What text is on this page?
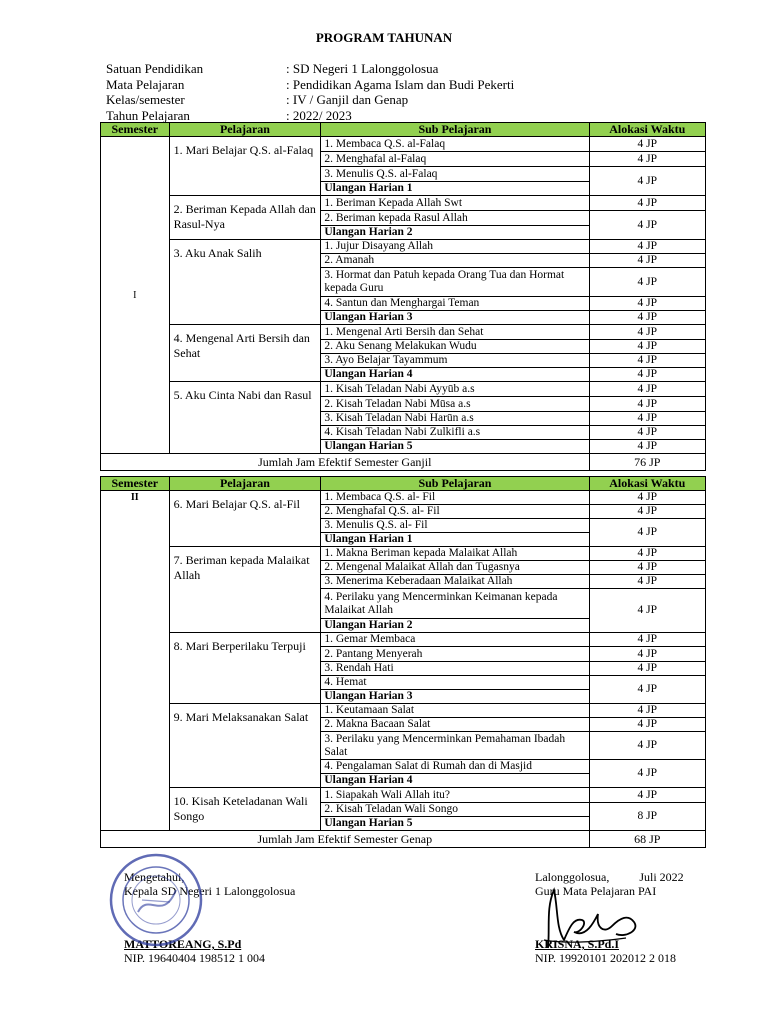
PROGRAM TAHUNAN
Satuan Pendidikan	: SD Negeri 1 Lalonggolosua
Mata Pelajaran	: Pendidikan Agama Islam dan Budi Pekerti
Kelas/semester	: IV / Ganjil dan Genap
Tahun Pelajaran	: 2022/ 2023
Semester	Pelajaran	Sub Pelajaran	Alokasi Waktu
I	1. Mari Belajar Q.S. al-Falaq	1. Membaca Q.S. al-Falaq	4 JP
		2. Menghafal al-Falaq	4 JP
		3. Menulis Q.S. al-Falaq	4 JP
		Ulangan Harian 1	
	2. Beriman Kepada Allah dan Rasul-Nya	1. Beriman Kepada Allah Swt	4 JP
		2. Beriman kepada Rasul Allah	4 JP
		Ulangan Harian 2	
	3. Aku Anak Salih	1. Jujur Disayang Allah	4 JP
		2. Amanah	4 JP
		3. Hormat dan Patuh kepada Orang Tua dan Hormat kepada Guru	4 JP
		4. Santun dan Menghargai Teman	4 JP
		Ulangan Harian 3	4 JP
	4. Mengenal Arti Bersih dan Sehat	1. Mengenal Arti Bersih dan Sehat	4 JP
		2. Aku Senang Melakukan Wudu	4 JP
		3. Ayo Belajar Tayammum	4 JP
		Ulangan Harian 4	4 JP
	5. Aku Cinta Nabi dan Rasul	1. Kisah Teladan Nabi Ayyūb a.s	4 JP
		2. Kisah Teladan Nabi Mūsa a.s	4 JP
		3. Kisah Teladan Nabi Harūn a.s	4 JP
		4. Kisah Teladan Nabi Zulkifli a.s	4 JP
		Ulangan Harian 5	4 JP
Jumlah Jam Efektif Semester Ganjil			76 JP
Semester	Pelajaran	Sub Pelajaran	Alokasi Waktu
II	6. Mari Belajar Q.S. al-Fil	1. Membaca Q.S. al- Fil	4 JP
		2. Menghafal Q.S. al- Fil	4 JP
		3. Menulis Q.S. al- Fil	4 JP
		Ulangan Harian 1	
	7. Beriman kepada Malaikat Allah	1. Makna Beriman kepada Malaikat Allah	4 JP
		2. Mengenal Malaikat Allah dan Tugasnya	4 JP
		3. Menerima Keberadaan Malaikat Allah	4 JP
		4. Perilaku yang Mencerminkan Keimanan kepada Malaikat Allah	4 JP
		Ulangan Harian 2	
	8. Mari Berperilaku Terpuji	1. Gemar Membaca	4 JP
		2. Pantang Menyerah	4 JP
		3. Rendah Hati	4 JP
		4. Hemat	4 JP
		Ulangan Harian 3	
	9. Mari Melaksanakan Salat	1. Keutamaan Salat	4 JP
		2. Makna Bacaan Salat	4 JP
		3. Perilaku yang Mencerminkan Pemahaman Ibadah Salat	4 JP
		4. Pengalaman Salat di Rumah dan di Masjid	4 JP
		Ulangan Harian 4	
	10. Kisah Keteladanan Wali Songo	1. Siapakah Wali Allah itu?	4 JP
		2. Kisah Teladan Wali Songo	8 JP
		Ulangan Harian 5	
Jumlah Jam Efektif Semester Genap			68 JP
Mengetahui,
Kepala SD Negeri 1 Lalonggolosua
MATTOREANG, S.Pd
NIP. 19640404 198512 1 004
Lalonggolosua,          Juli 2022
Guru Mata Pelajaran PAI
KRISNA, S.Pd.I
NIP. 19920101 202012 2 018
